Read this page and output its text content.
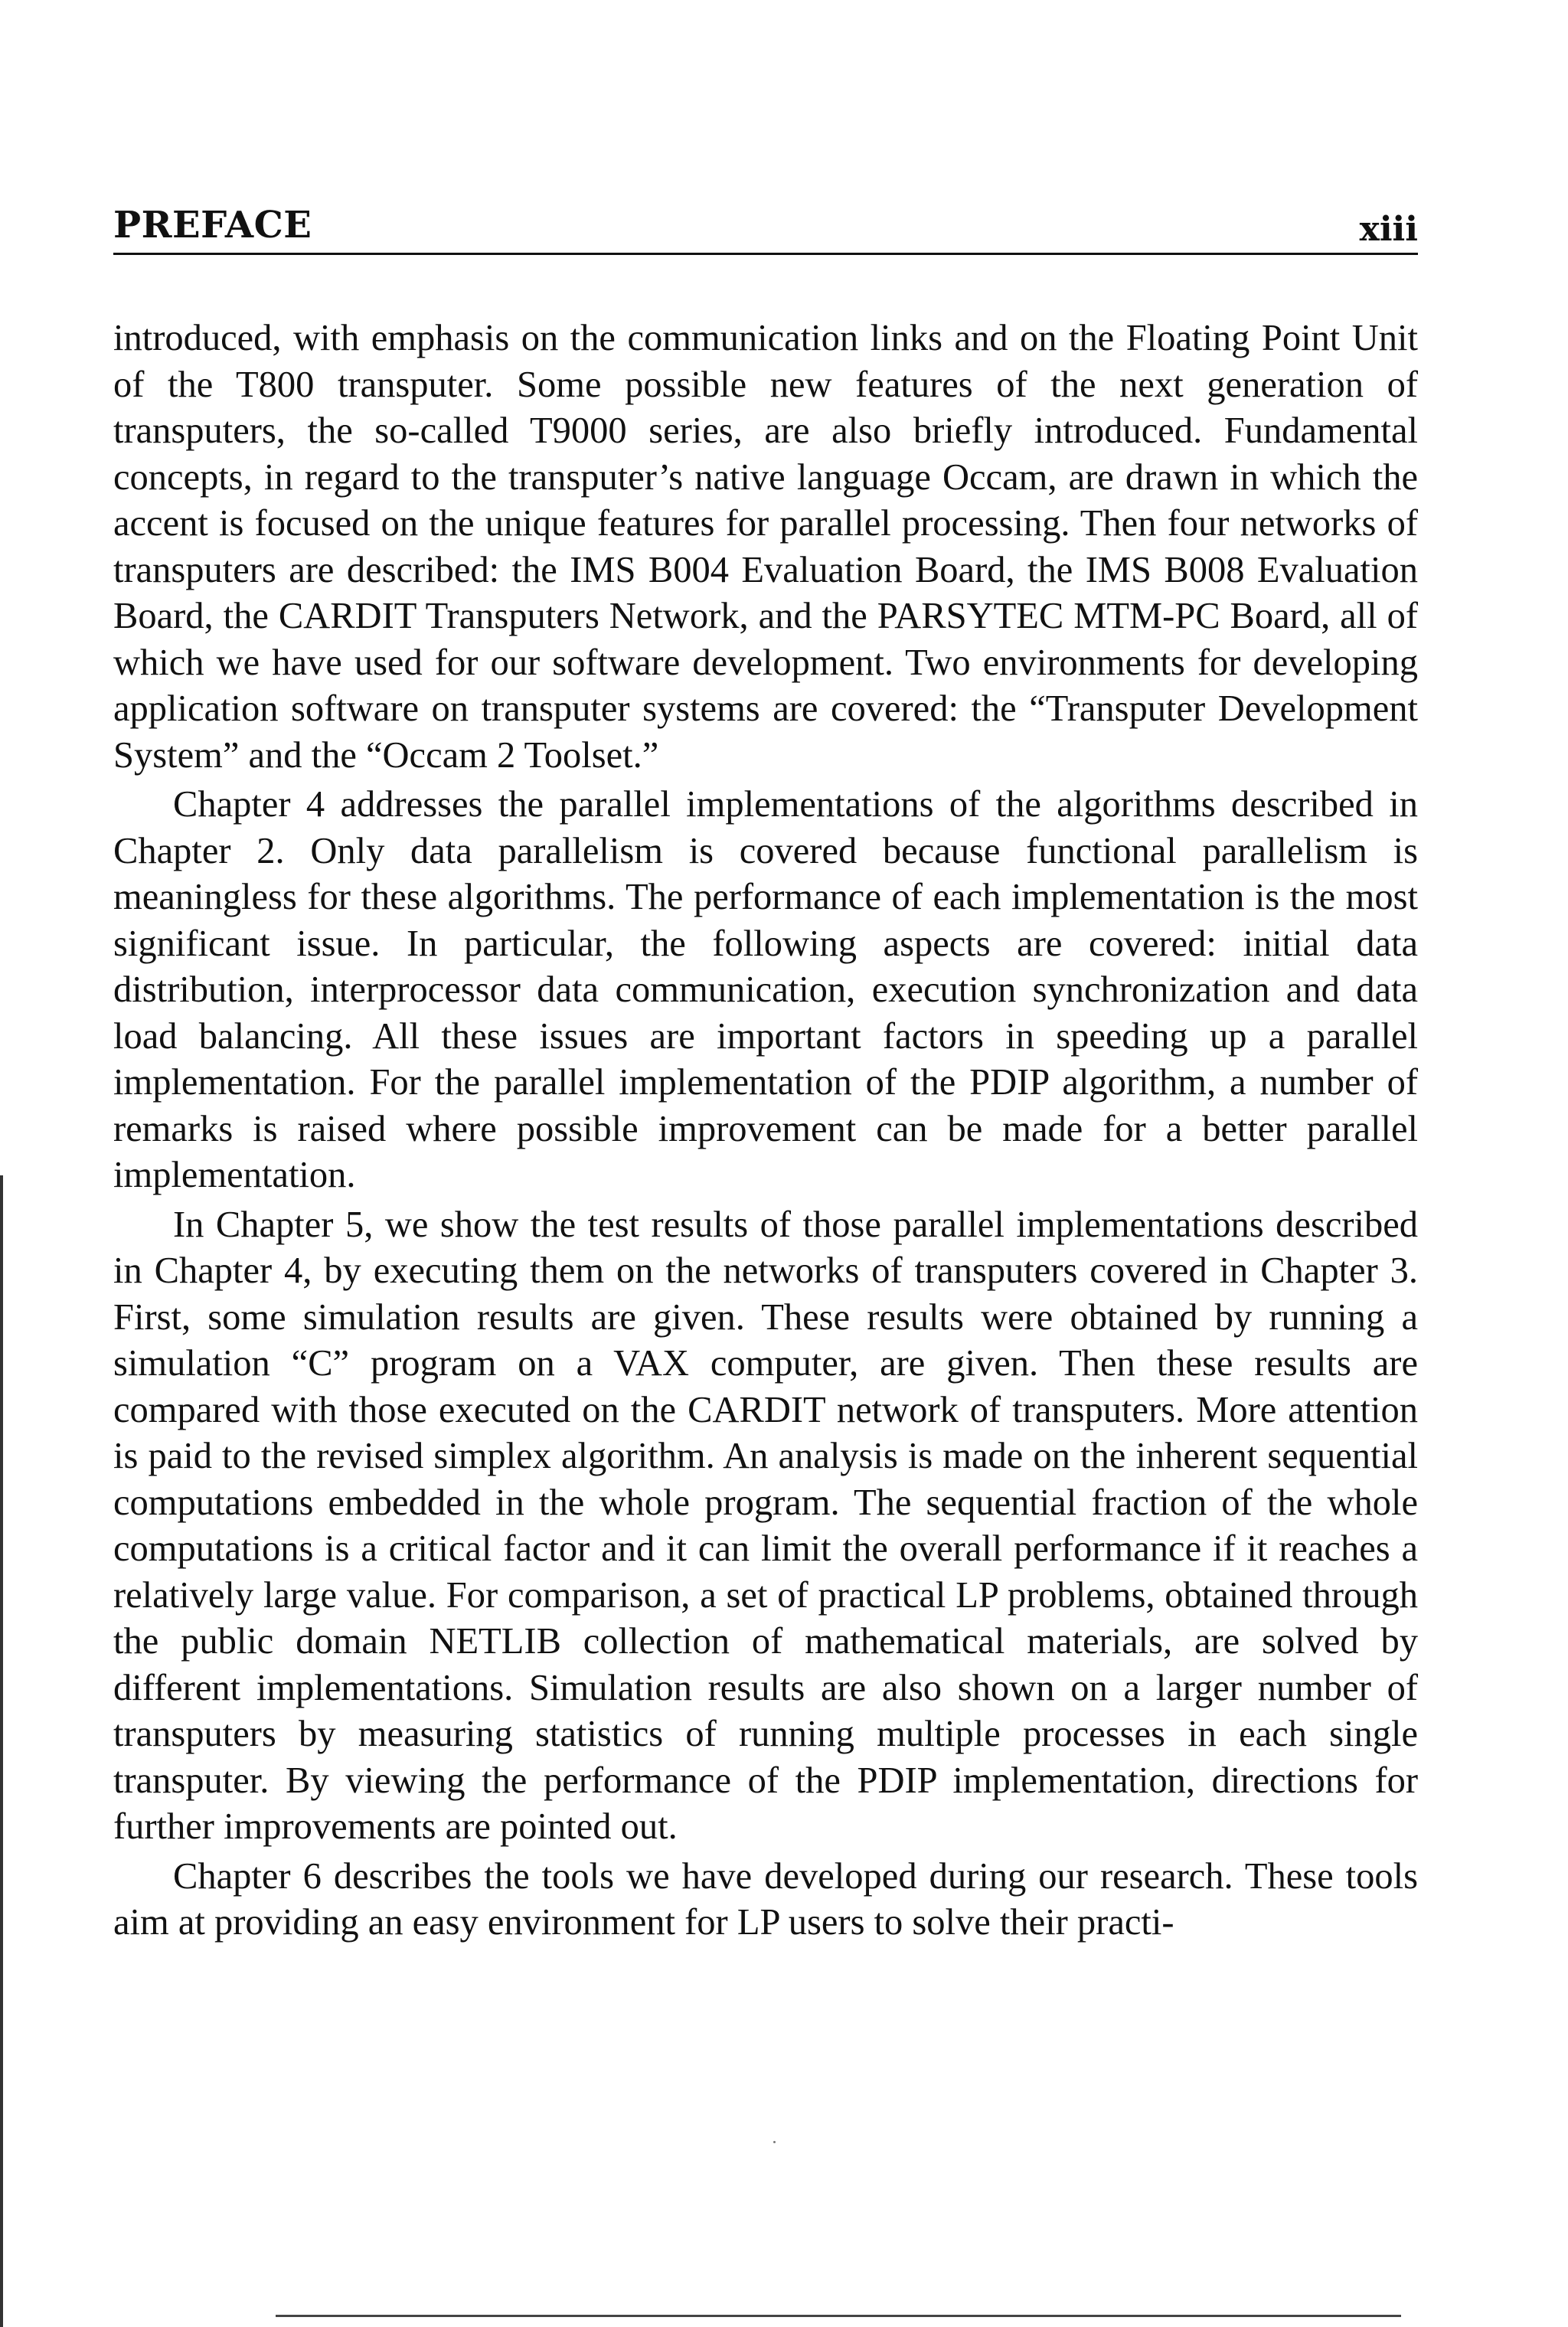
PREFACE	xiii

introduced, with emphasis on the communication links and on the Floating Point Unit of the T800 transputer. Some possible new features of the next generation of transputers, the so-called T9000 series, are also briefly introduced. Fundamental concepts, in regard to the transputer’s native language Occam, are drawn in which the accent is focused on the unique features for parallel processing. Then four networks of transputers are described: the IMS B004 Evaluation Board, the IMS B008 Evaluation Board, the CARDIT Transputers Network, and the PARSYTEC MTM-PC Board, all of which we have used for our software development. Two environments for developing application software on transputer systems are covered: the “Transputer Development System” and the “Occam 2 Toolset.”

Chapter 4 addresses the parallel implementations of the algorithms described in Chapter 2. Only data parallelism is covered because functional parallelism is meaningless for these algorithms. The performance of each implementation is the most significant issue. In particular, the following aspects are covered: initial data distribution, interprocessor data communication, execution synchronization and data load balancing. All these issues are important factors in speeding up a parallel implementation. For the parallel implementation of the PDIP algorithm, a number of remarks is raised where possible improvement can be made for a better parallel implementation.

In Chapter 5, we show the test results of those parallel implementations described in Chapter 4, by executing them on the networks of transputers covered in Chapter 3. First, some simulation results are given. These results were obtained by running a simulation “C” program on a VAX computer, are given. Then these results are compared with those executed on the CARDIT network of transputers. More attention is paid to the revised simplex algorithm. An analysis is made on the inherent sequential computations embedded in the whole program. The sequential fraction of the whole computations is a critical factor and it can limit the overall performance if it reaches a relatively large value. For comparison, a set of practical LP problems, obtained through the public domain NETLIB collection of mathematical materials, are solved by different implementations. Simulation results are also shown on a larger number of transputers by measuring statistics of running multiple processes in each single transputer. By viewing the performance of the PDIP implementation, directions for further improvements are pointed out.

Chapter 6 describes the tools we have developed during our research. These tools aim at providing an easy environment for LP users to solve their practi-
